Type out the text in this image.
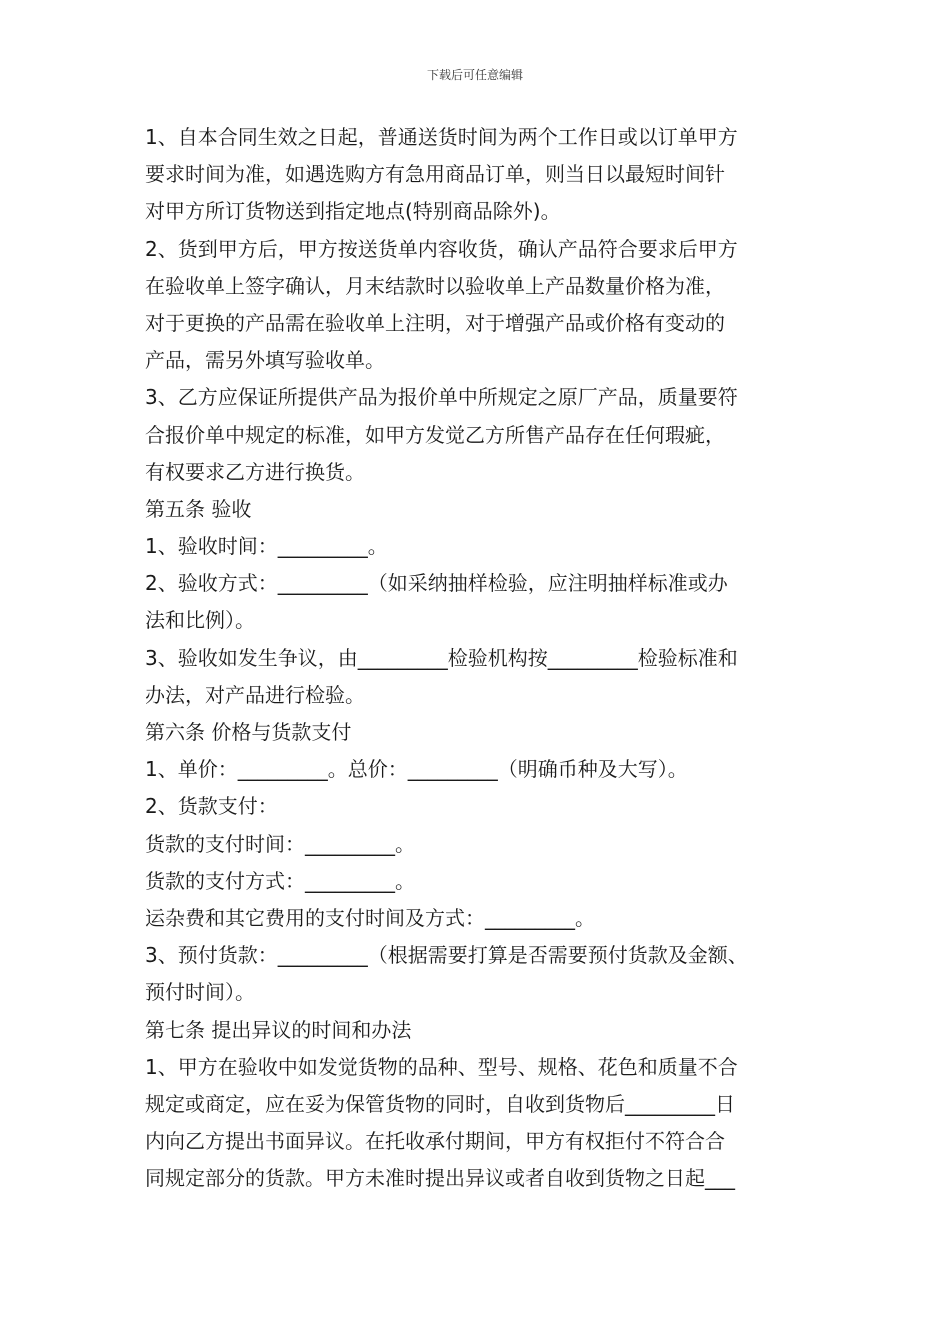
下载后可任意编辑

1、自本合同生效之日起，普通送货时间为两个工作日或以订单甲方

要求时间为准，如遇选购方有急用商品订单，则当日以最短时间针

对甲方所订货物送到指定地点(特别商品除外)。

2、货到甲方后，甲方按送货单内容收货，确认产品符合要求后甲方

在验收单上签字确认，月末结款时以验收单上产品数量价格为准，

对于更换的产品需在验收单上注明，对于增强产品或价格有变动的

产品，需另外填写验收单。

3、乙方应保证所提供产品为报价单中所规定之原厂产品，质量要符

合报价单中规定的标准，如甲方发觉乙方所售产品存在任何瑕疵，

有权要求乙方进行换货。

第五条 验收

1、验收时间：_________。

2、验收方式：_________（如采纳抽样检验，应注明抽样标准或办

法和比例）。

3、验收如发生争议，由_________检验机构按_________检验标准和

办法，对产品进行检验。

第六条 价格与货款支付

1、单价：_________。总价：_________（明确币种及大写）。

2、货款支付：

货款的支付时间：_________。

货款的支付方式：_________。

运杂费和其它费用的支付时间及方式：_________。

3、预付货款：_________（根据需要打算是否需要预付货款及金额、

预付时间）。

第七条 提出异议的时间和办法

1、甲方在验收中如发觉货物的品种、型号、规格、花色和质量不合

规定或商定，应在妥为保管货物的同时，自收到货物后_________日

内向乙方提出书面异议。在托收承付期间，甲方有权拒付不符合合

同规定部分的货款。甲方未准时提出异议或者自收到货物之日起___
